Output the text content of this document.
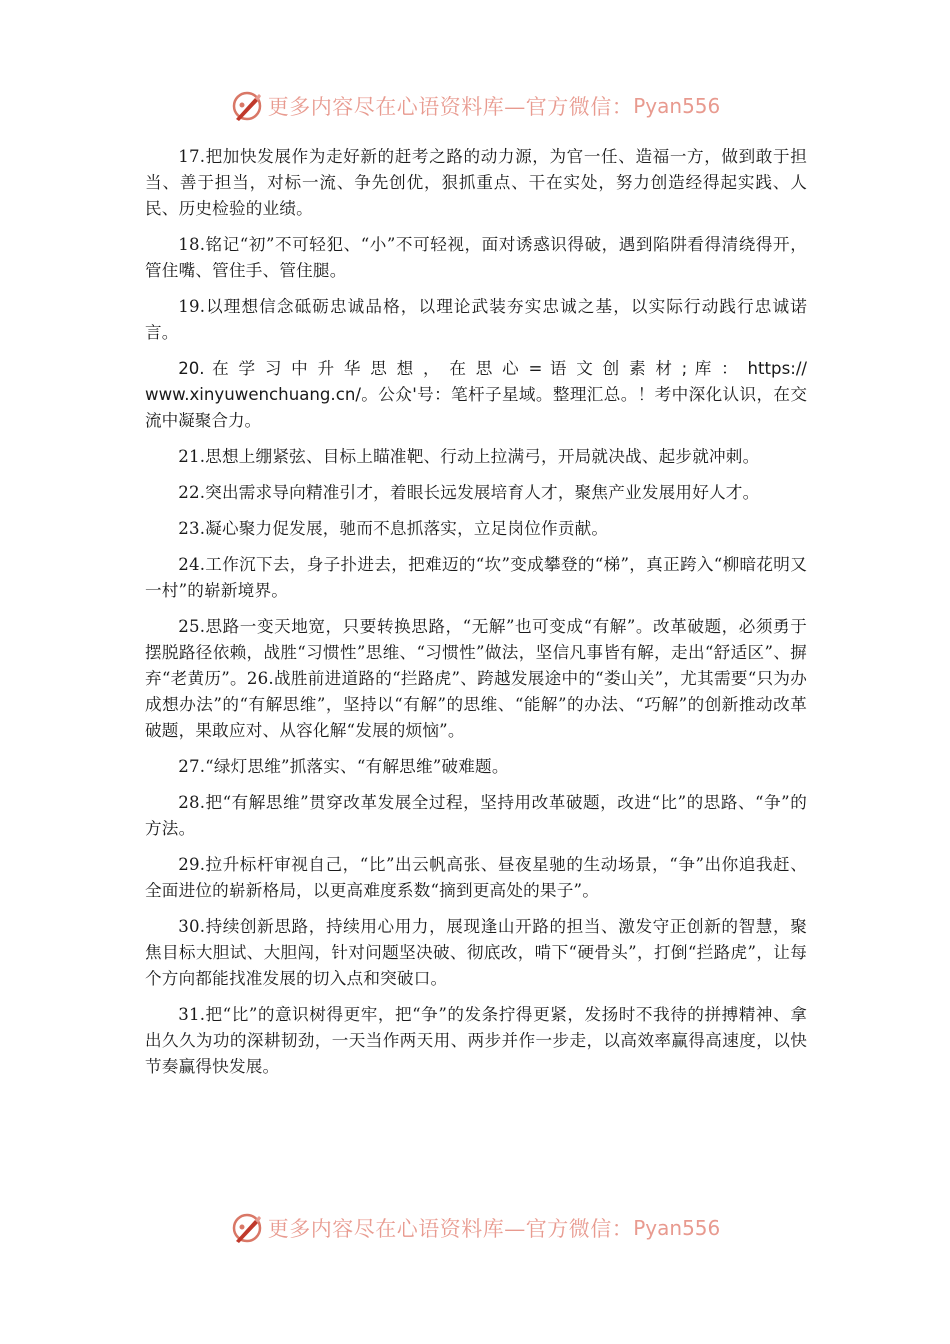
更多内容尽在心语资料库—官方微信： Pyan556

17.把加快发展作为走好新的赶考之路的动力源，为官一任、造福一方，做到敢于担当、善于担当，对标一流、争先创优，狠抓重点、干在实处，努力创造经得起实践、人民、历史检验的业绩。

18.铭记“初”不可轻犯、“小”不可轻视，面对诱惑识得破，遇到陷阱看得清绕得开，管住嘴、管住手、管住腿。

19.以理想信念砥砺忠诚品格，以理论武装夯实忠诚之基，以实际行动践行忠诚诺言。

20. 在 学 习 中 升 华 思 想 ， 在 思 心 = 语 文 创 素 材 ; 库 ： https:// www.xinyuwenchuang.cn/。公众'号：笔杆子星域。整理汇总。！考中深化认识，在交流中凝聚合力。

21.思想上绷紧弦、目标上瞄准靶、行动上拉满弓，开局就决战、起步就冲刺。

22.突出需求导向精准引才，着眼长远发展培育人才，聚焦产业发展用好人才。

23.凝心聚力促发展，驰而不息抓落实，立足岗位作贡献。

24.工作沉下去，身子扑进去，把难迈的“坎”变成攀登的“梯”，真正跨入“柳暗花明又一村”的崭新境界。

25.思路一变天地宽，只要转换思路，“无解”也可变成“有解”。改革破题，必须勇于摆脱路径依赖，战胜“习惯性”思维、“习惯性”做法，坚信凡事皆有解，走出“舒适区”、摒弃“老黄历”。26.战胜前进道路的“拦路虎”、跨越发展途中的“娄山关”，尤其需要“只为办成想办法”的“有解思维”，坚持以“有解”的思维、“能解”的办法、“巧解”的创新推动改革破题，果敢应对、从容化解“发展的烦恼”。

27.“绿灯思维”抓落实、“有解思维”破难题。

28.把“有解思维”贯穿改革发展全过程，坚持用改革破题，改进“比”的思路、“争”的方法。

29.拉升标杆审视自己，“比”出云帆高张、昼夜星驰的生动场景，“争”出你追我赶、全面进位的崭新格局，以更高难度系数“摘到更高处的果子”。

30.持续创新思路，持续用心用力，展现逢山开路的担当、激发守正创新的智慧，聚焦目标大胆试、大胆闯，针对问题坚决破、彻底改，啃下“硬骨头”，打倒“拦路虎”，让每个方向都能找准发展的切入点和突破口。

31.把“比”的意识树得更牢，把“争”的发条拧得更紧，发扬时不我待的拼搏精神、拿出久久为功的深耕韧劲，一天当作两天用、两步并作一步走，以高效率赢得高速度，以快节奏赢得快发展。

更多内容尽在心语资料库—官方微信： Pyan556
